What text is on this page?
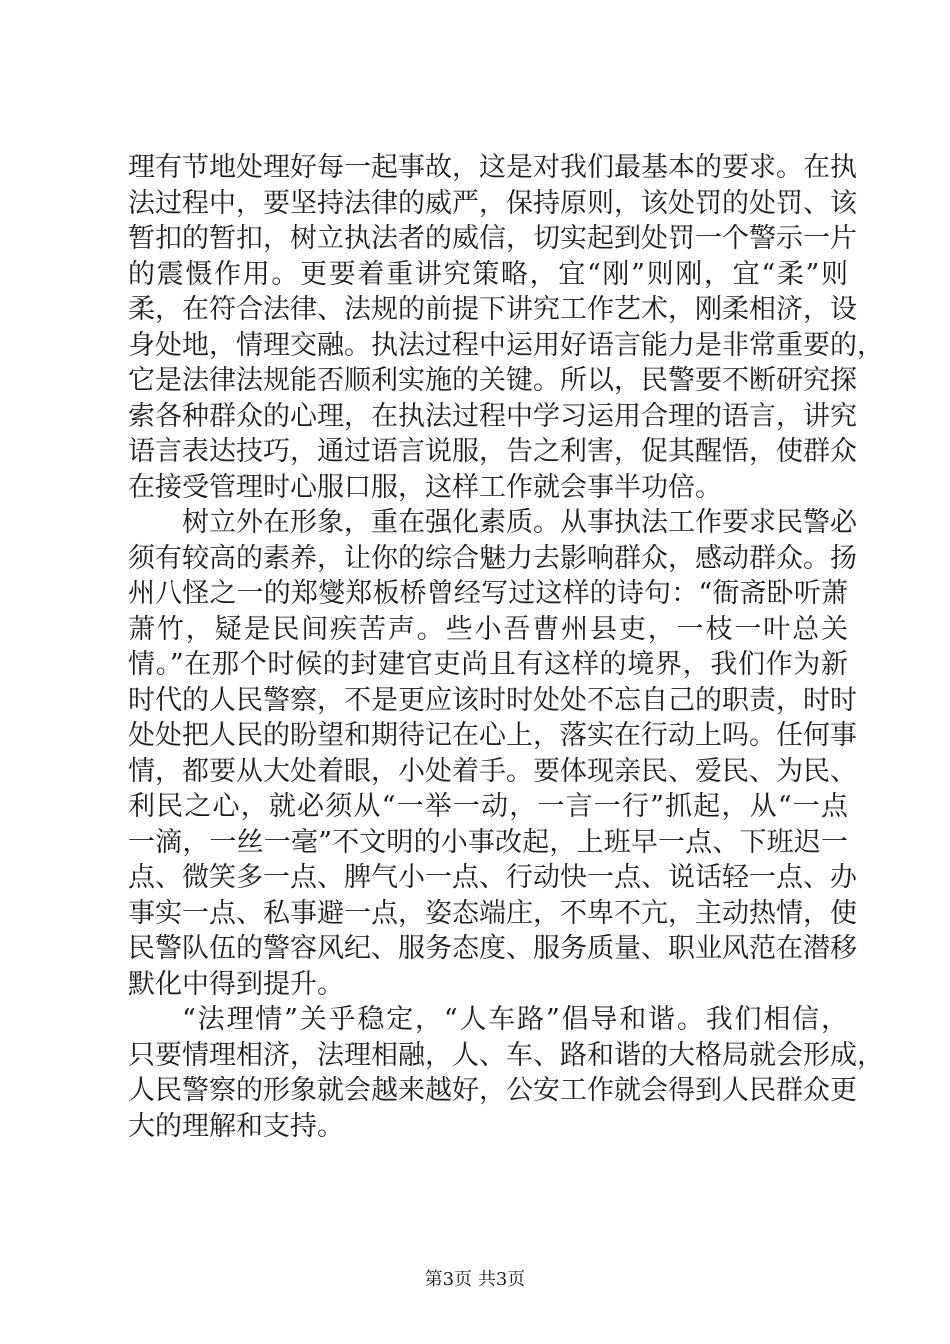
理有节地处理好每一起事故，这是对我们最基本的要求。在执
法过程中，要坚持法律的威严，保持原则，该处罚的处罚、该
暂扣的暂扣，树立执法者的威信，切实起到处罚一个警示一片
的震慑作用。更要着重讲究策略，宜“刚”则刚，宜“柔”则
柔，在符合法律、法规的前提下讲究工作艺术，刚柔相济，设
身处地，情理交融。执法过程中运用好语言能力是非常重要的，
它是法律法规能否顺利实施的关键。所以，民警要不断研究探
索各种群众的心理，在执法过程中学习运用合理的语言，讲究
语言表达技巧，通过语言说服，告之利害，促其醒悟，使群众
在接受管理时心服口服，这样工作就会事半功倍。
树立外在形象，重在强化素质。从事执法工作要求民警必
须有较高的素养，让你的综合魅力去影响群众，感动群众。扬
州八怪之一的郑燮郑板桥曾经写过这样的诗句：“衙斋卧听萧
萧竹，疑是民间疾苦声。些小吾曹州县吏，一枝一叶总关
情。”在那个时候的封建官吏尚且有这样的境界，我们作为新
时代的人民警察，不是更应该时时处处不忘自己的职责，时时
处处把人民的盼望和期待记在心上，落实在行动上吗。任何事
情，都要从大处着眼，小处着手。要体现亲民、爱民、为民、
利民之心，就必须从“一举一动，一言一行”抓起，从“一点
一滴，一丝一毫”不文明的小事改起，上班早一点、下班迟一
点、微笑多一点、脾气小一点、行动快一点、说话轻一点、办
事实一点、私事避一点，姿态端庄，不卑不亢，主动热情，使
民警队伍的警容风纪、服务态度、服务质量、职业风范在潜移
默化中得到提升。
“法理情”关乎稳定，“人车路”倡导和谐。我们相信，
只要情理相济，法理相融，人、车、路和谐的大格局就会形成，
人民警察的形象就会越来越好，公安工作就会得到人民群众更
大的理解和支持。
第3页 共3页
